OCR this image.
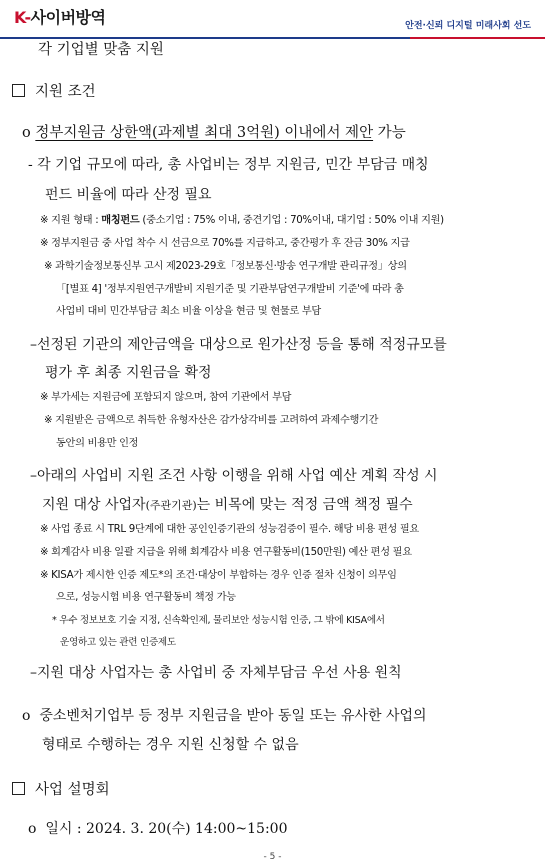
K-사이버방역	안전·신뢰 디지털 미래사회 선도
각 기업별 맞춤 지원
지원 조건
o 정부지원금 상한액(과제별 최대 3억원) 이내에서 제안 가능
- 각 기업 규모에 따라, 총 사업비는 정부 지원금, 민간 부담금 매칭
펀드 비율에 따라 산정 필요
※ 지원 형태 : 매칭펀드 (중소기업 : 75% 이내, 중견기업 : 70%이내, 대기업 : 50% 이내 지원)
※ 정부지원금 중 사업 착수 시 선금으로 70%를 지급하고, 중간평가 후 잔금 30% 지급
※ 과학기술정보통신부 고시 제2023-29호「정보통신·방송 연구개발 관리규정」상의
「[별표 4] '정부지원연구개발비 지원기준 및 기관부담연구개발비 기준'에 따라 총
사업비 대비 민간부담금 최소 비율 이상을 현금 및 현물로 부담
–선정된 기관의 제안금액을 대상으로 원가산정 등을 통해 적정규모를
평가 후 최종 지원금을 확정
※ 부가세는 지원금에 포함되지 않으며, 참여 기관에서 부담
※ 지원받은 금액으로 취득한 유형자산은 감가상각비를 고려하여 과제수행기간
동안의 비용만 인정
–아래의 사업비 지원 조건 사항 이행을 위해 사업 예산 계획 작성 시
지원 대상 사업자(주관기관)는 비목에 맞는 적정 금액 책정 필수
※ 사업 종료 시 TRL 9단계에 대한 공인인증기관의 성능검증이 필수. 해당 비용 편성 필요
※ 회계감사 비용 일괄 지급을 위해 회계감사 비용 연구활동비(150만원) 예산 편성 필요
※ KISA가 제시한 인증 제도*의 조건·대상이 부합하는 경우 인증 절차 신청이 의무임
으로, 성능시험 비용 연구활동비 책정 가능
* 우수 정보보호 기술 지정, 신속확인제, 물리보안 성능시험 인증, 그 밖에 KISA에서
운영하고 있는 관련 인증제도
–지원 대상 사업자는 총 사업비 중 자체부담금 우선 사용 원칙
o 중소벤처기업부 등 정부 지원금을 받아 동일 또는 유사한 사업의
형태로 수행하는 경우 지원 신청할 수 없음
사업 설명회
o 일시 : 2024. 3. 20(수) 14:00~15:00
- 5 -
